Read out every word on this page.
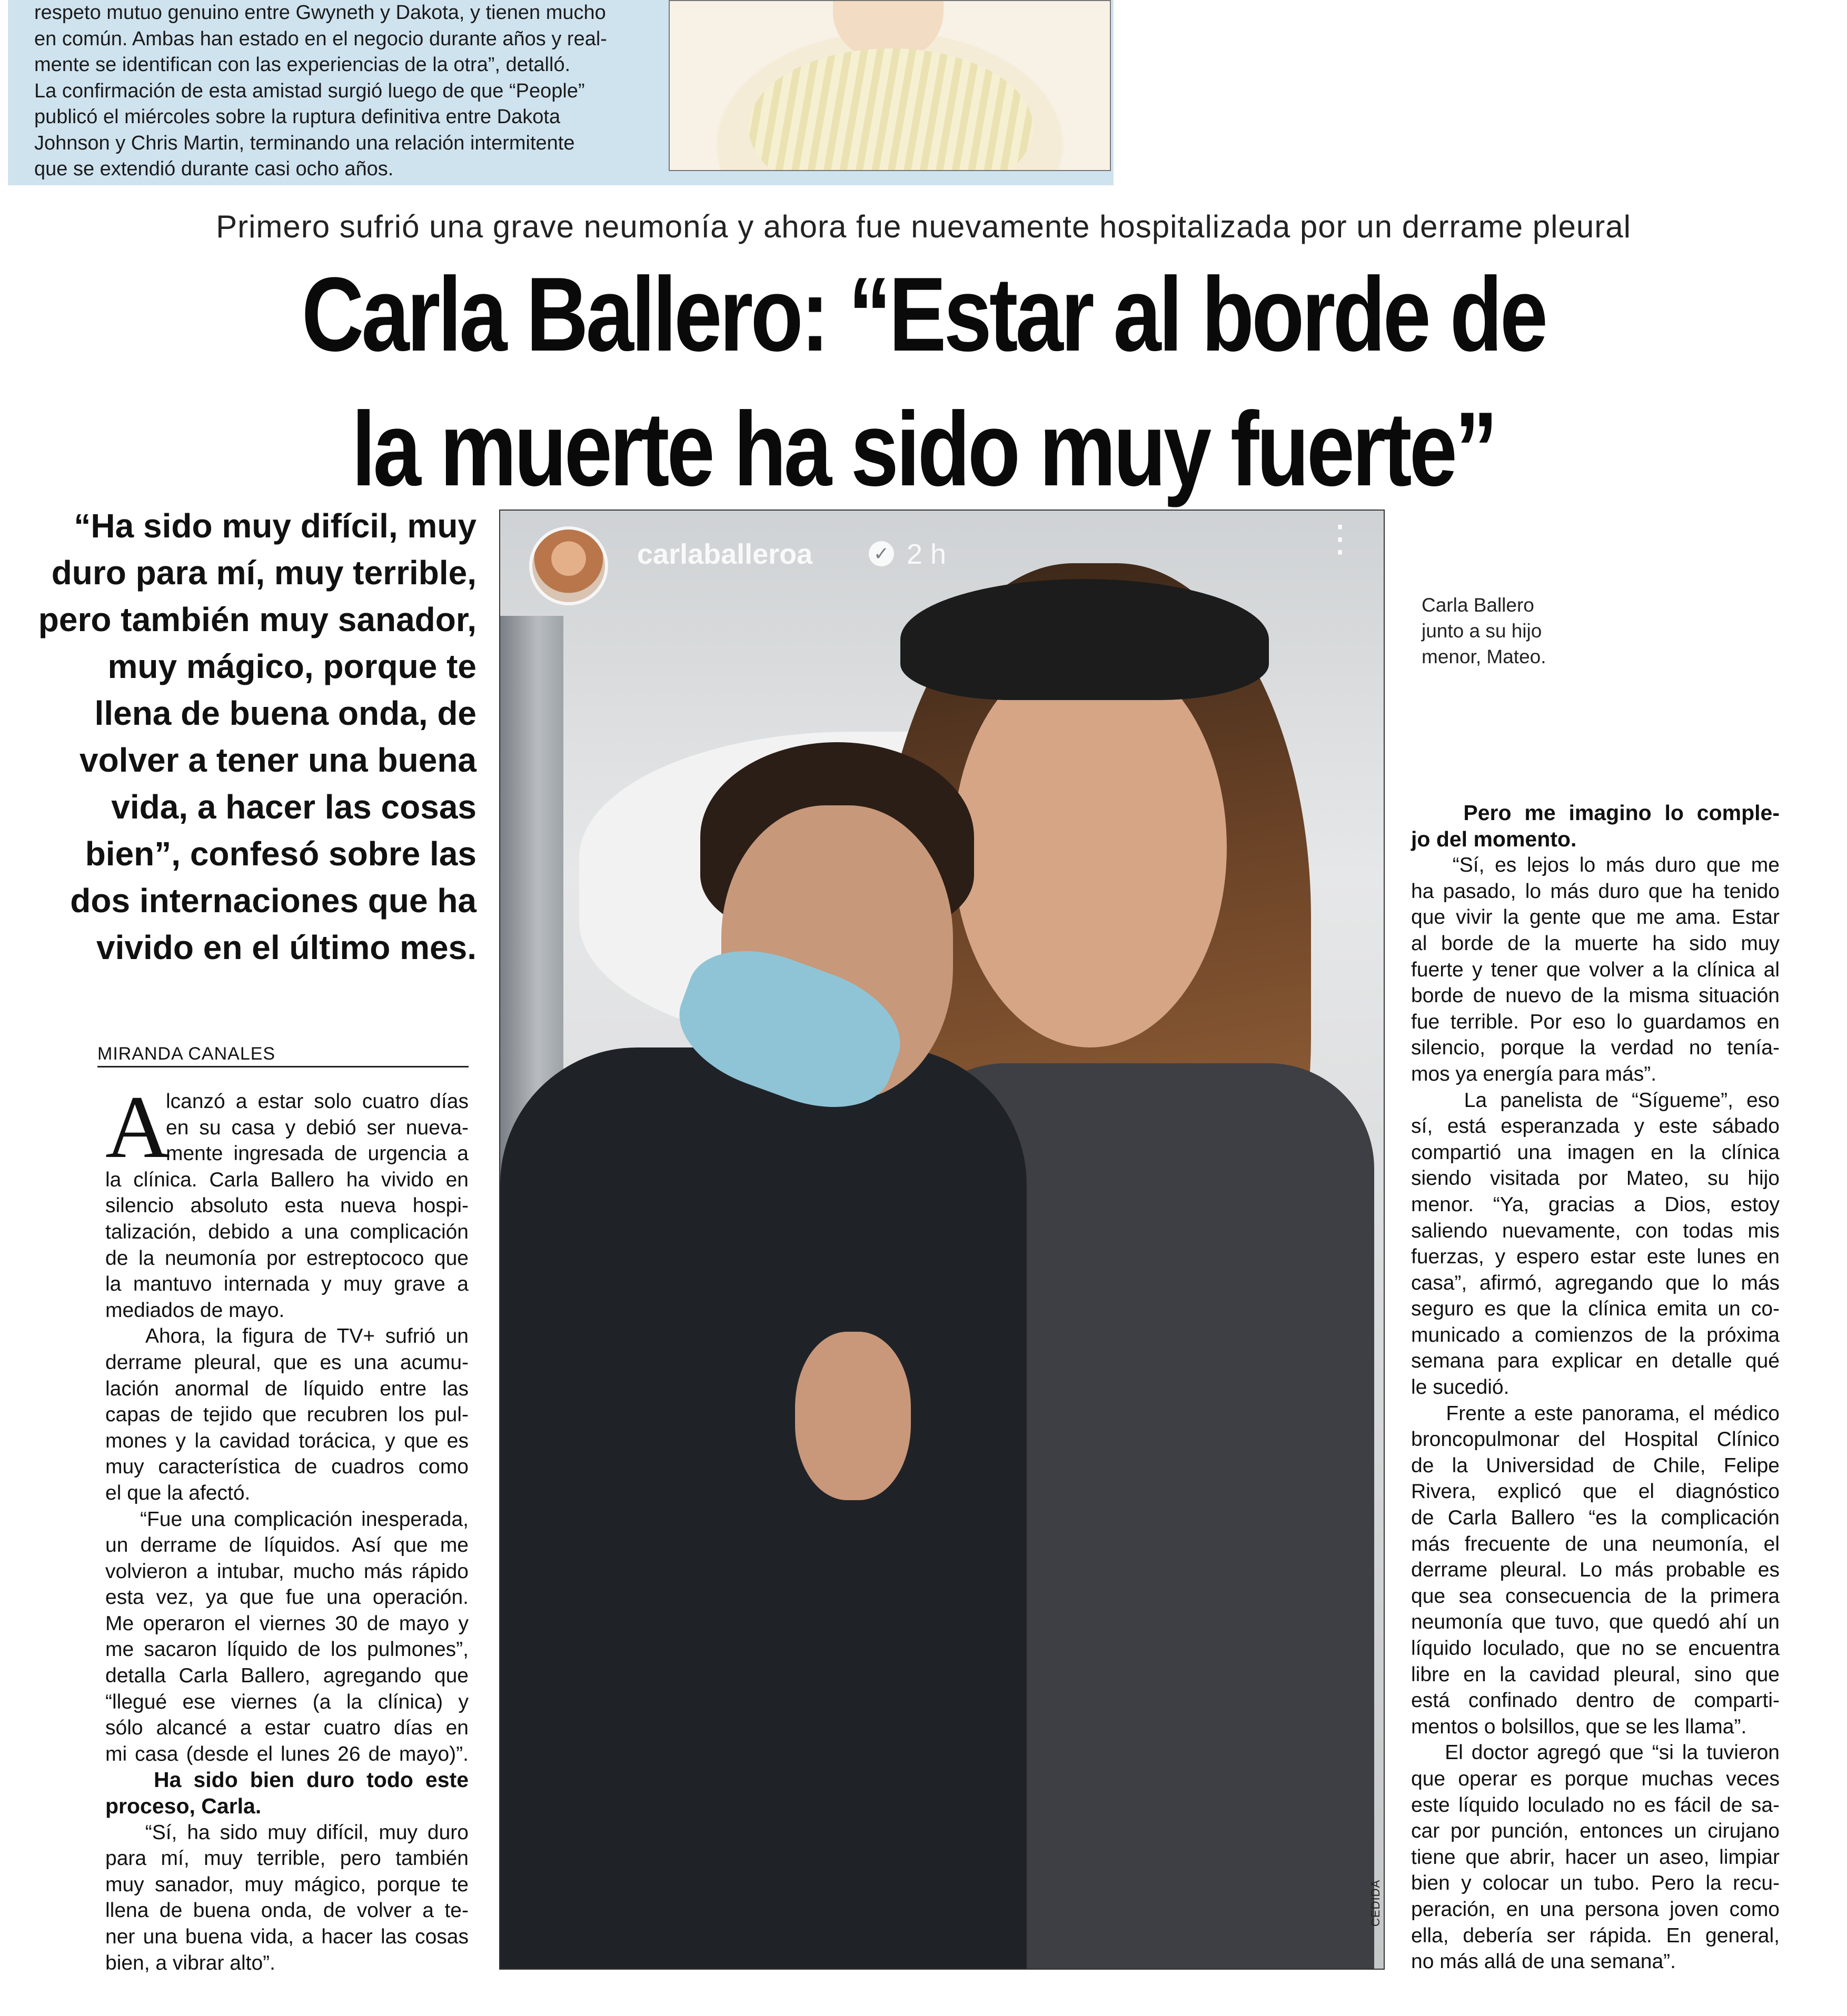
respeto mutuo genuino entre Gwyneth y Dakota, y tienen mucho
en común. Ambas han estado en el negocio durante años y real-
mente se identifican con las experiencias de la otra”, detalló.
La confirmación de esta amistad surgió luego de que “People”
publicó el miércoles sobre la ruptura definitiva entre Dakota
Johnson y Chris Martin, terminando una relación intermitente
que se extendió durante casi ocho años.
Primero sufrió una grave neumonía y ahora fue nuevamente hospitalizada por un derrame pleural
Carla Ballero: “Estar al borde de
la muerte ha sido muy fuerte”
“Ha sido muy difícil, muy
duro para mí, muy terrible,
pero también muy sanador,
muy mágico, porque te
llena de buena onda, de
volver a tener una buena
vida, a hacer las cosas
bien”, confesó sobre las
dos internaciones que ha
vivido en el último mes.
MIRANDA CANALES
A
lcanzó a estar solo cuatro días
en su casa y debió ser nueva-
mente ingresada de urgencia a
la clínica. Carla Ballero ha vivido en
silencio absoluto esta nueva hospi-
talización, debido a una complicación
de la neumonía por estreptococo que
la mantuvo internada y muy grave a
mediados de mayo.
Ahora, la figura de TV+ sufrió un
derrame pleural, que es una acumu-
lación anormal de líquido entre las
capas de tejido que recubren los pul-
mones y la cavidad torácica, y que es
muy característica de cuadros como
el que la afectó.
“Fue una complicación inesperada,
un derrame de líquidos. Así que me
volvieron a intubar, mucho más rápido
esta vez, ya que fue una operación.
Me operaron el viernes 30 de mayo y
me sacaron líquido de los pulmones”,
detalla Carla Ballero, agregando que
“llegué ese viernes (a la clínica) y
sólo alcancé a estar cuatro días en
mi casa (desde el lunes 26 de mayo)”.
Ha sido bien duro todo este
proceso, Carla.
“Sí, ha sido muy difícil, muy duro
para mí, muy terrible, pero también
muy sanador, muy mágico, porque te
llena de buena onda, de volver a te-
ner una buena vida, a hacer las cosas
bien, a vibrar alto”.
carlaballeroa	✓ 2 h	⋮
Carla Ballero
junto a su hijo
menor, Mateo.
CEDIDA
Pero me imagino lo comple-
jo del momento.
“Sí, es lejos lo más duro que me
ha pasado, lo más duro que ha tenido
que vivir la gente que me ama. Estar
al borde de la muerte ha sido muy
fuerte y tener que volver a la clínica al
borde de nuevo de la misma situación
fue terrible. Por eso lo guardamos en
silencio, porque la verdad no tenía-
mos ya energía para más”.
La panelista de “Sígueme”, eso
sí, está esperanzada y este sábado
compartió una imagen en la clínica
siendo visitada por Mateo, su hijo
menor. “Ya, gracias a Dios, estoy
saliendo nuevamente, con todas mis
fuerzas, y espero estar este lunes en
casa”, afirmó, agregando que lo más
seguro es que la clínica emita un co-
municado a comienzos de la próxima
semana para explicar en detalle qué
le sucedió.
Frente a este panorama, el médico
broncopulmonar del Hospital Clínico
de la Universidad de Chile, Felipe
Rivera, explicó que el diagnóstico
de Carla Ballero “es la complicación
más frecuente de una neumonía, el
derrame pleural. Lo más probable es
que sea consecuencia de la primera
neumonía que tuvo, que quedó ahí un
líquido loculado, que no se encuentra
libre en la cavidad pleural, sino que
está confinado dentro de comparti-
mentos o bolsillos, que se les llama”.
El doctor agregó que “si la tuvieron
que operar es porque muchas veces
este líquido loculado no es fácil de sa-
car por punción, entonces un cirujano
tiene que abrir, hacer un aseo, limpiar
bien y colocar un tubo. Pero la recu-
peración, en una persona joven como
ella, debería ser rápida. En general,
no más allá de una semana”.
